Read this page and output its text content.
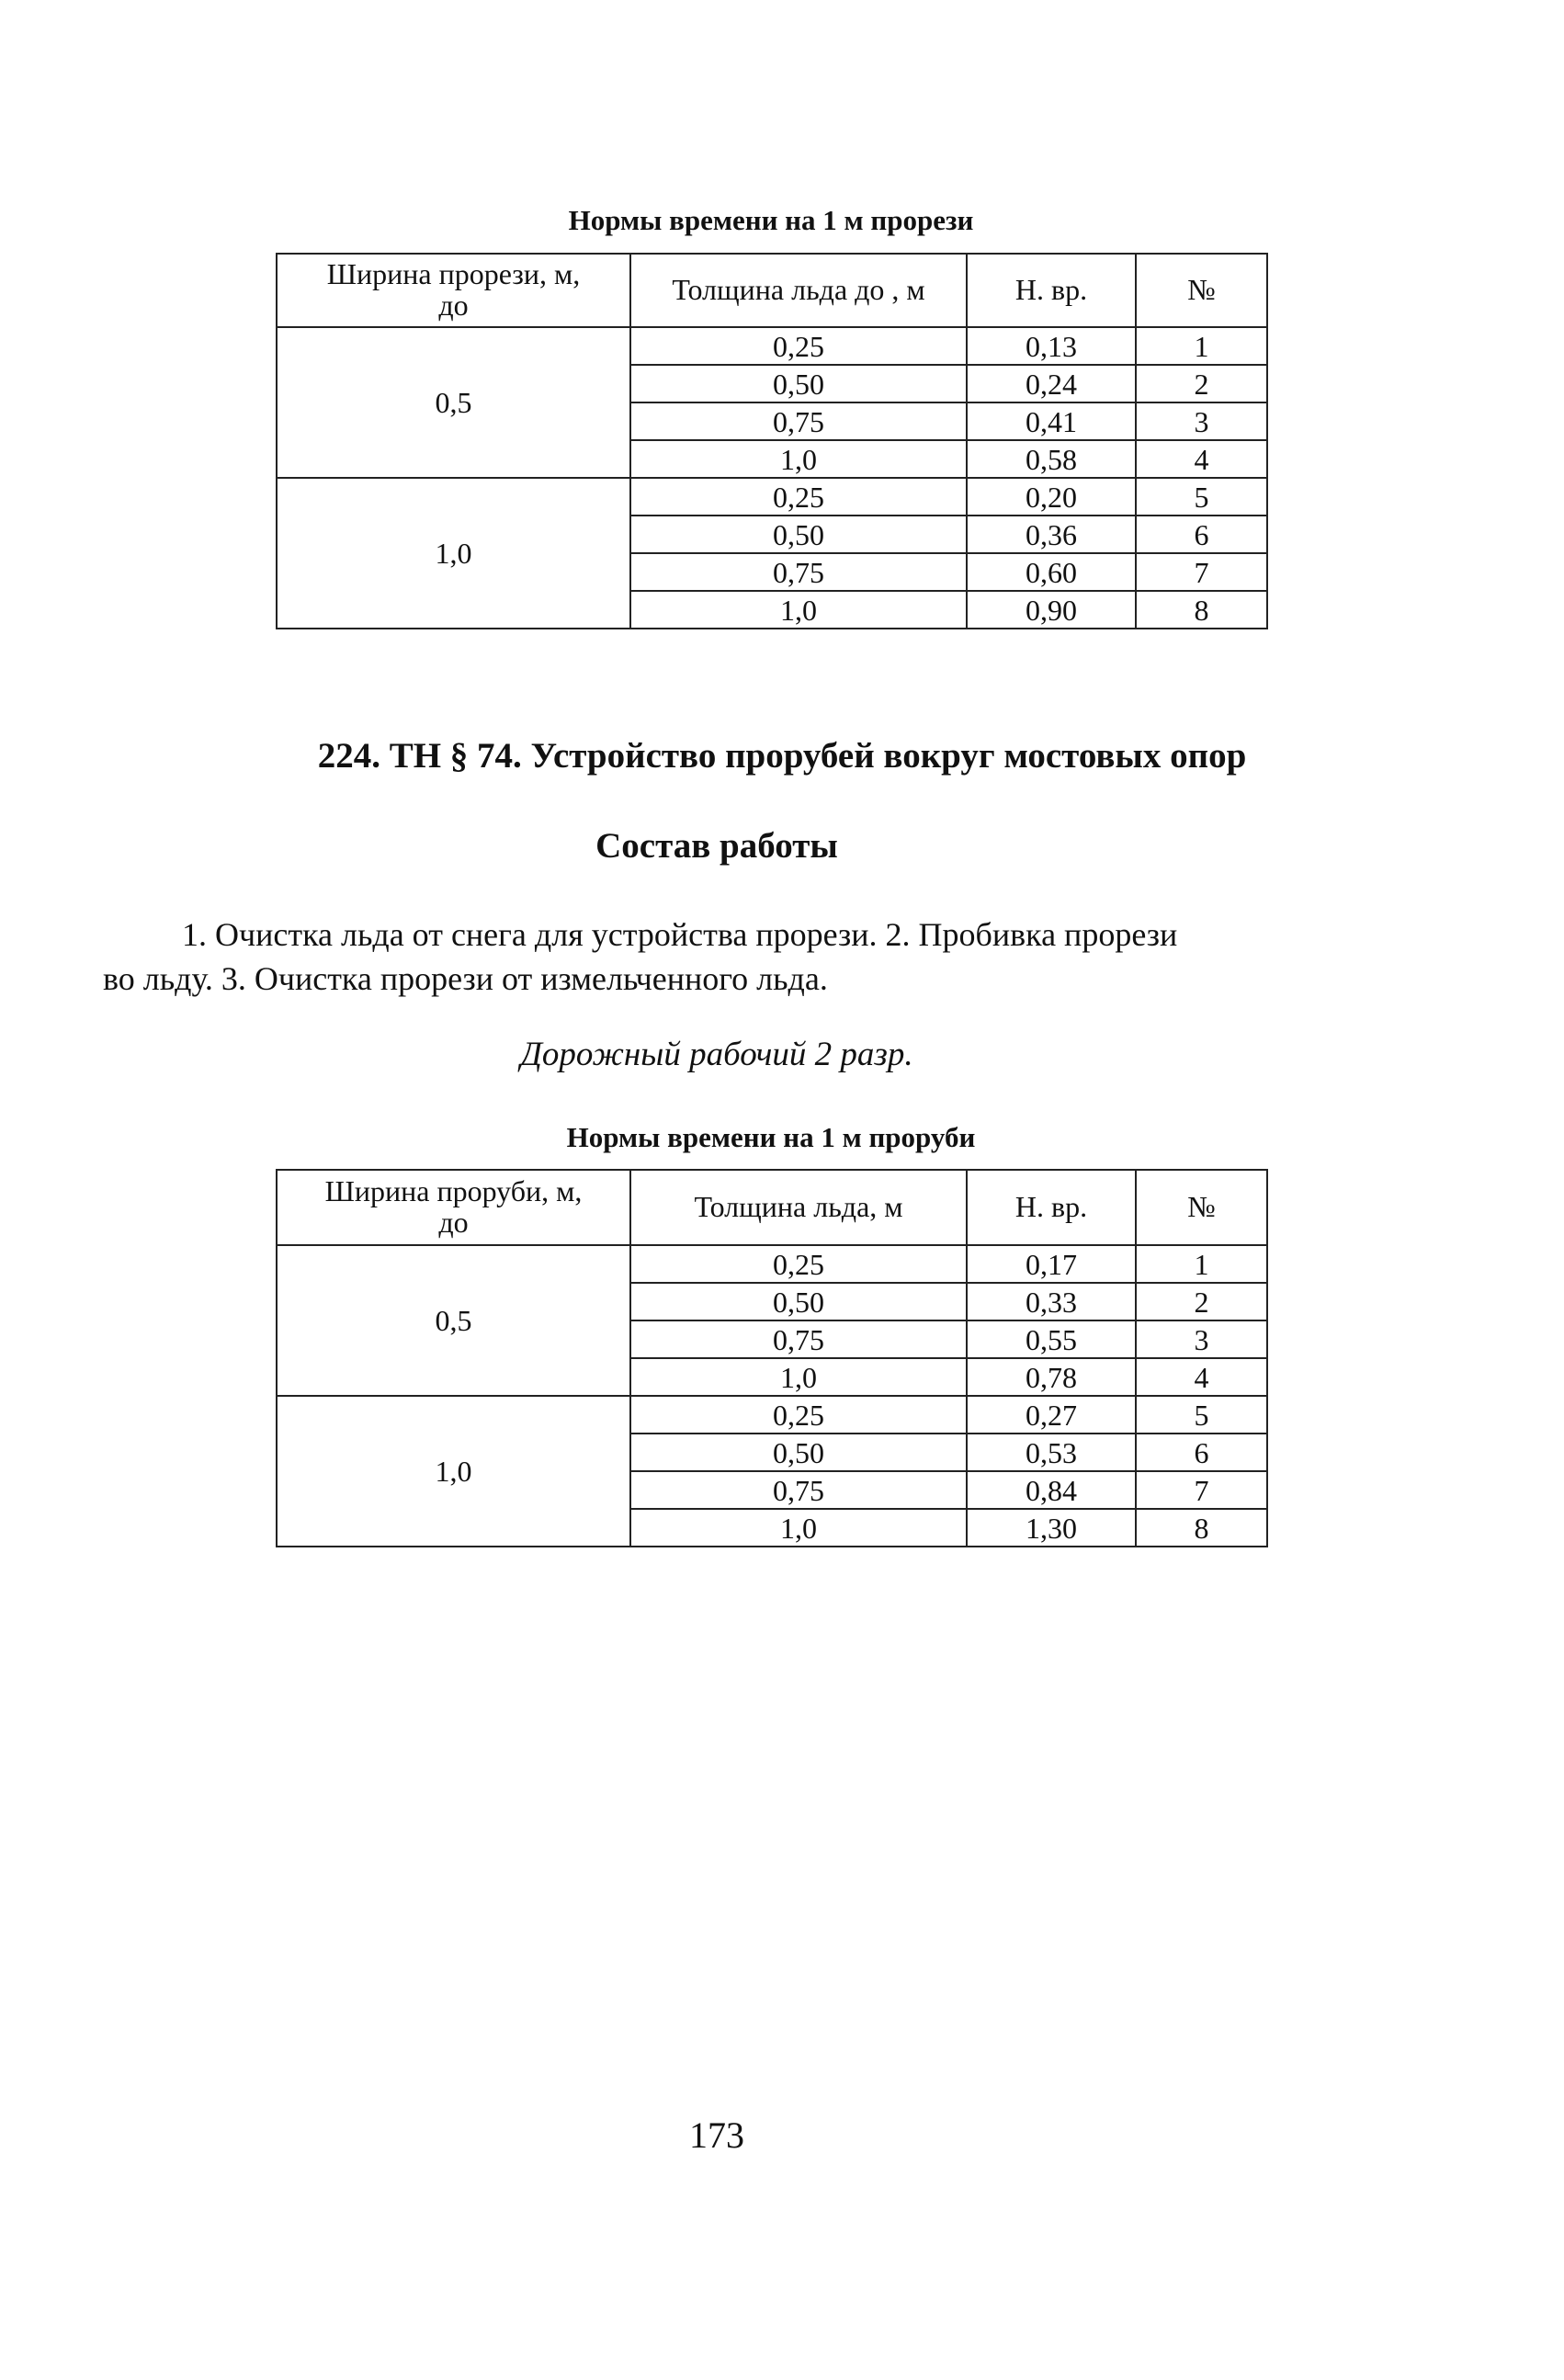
Нормы времени на 1 м прорези
Ширина прорези, м, до	Толщина льда до , м	Н. вр.	№
0,5	0,25	0,13	1
	0,50	0,24	2
	0,75	0,41	3
	1,0	0,58	4
1,0	0,25	0,20	5
	0,50	0,36	6
	0,75	0,60	7
	1,0	0,90	8
224. ТН § 74. Устройство прорубей вокруг мостовых опор
Состав работы
1. Очистка льда от снега для устройства прорези. 2. Пробивка прорези
во льду. 3. Очистка прорези от измельченного льда.
Дорожный рабочий 2 разр.
Нормы времени на 1 м проруби
Ширина проруби, м, до	Толщина льда, м	Н. вр.	№
0,5	0,25	0,17	1
	0,50	0,33	2
	0,75	0,55	3
	1,0	0,78	4
1,0	0,25	0,27	5
	0,50	0,53	6
	0,75	0,84	7
	1,0	1,30	8
173
